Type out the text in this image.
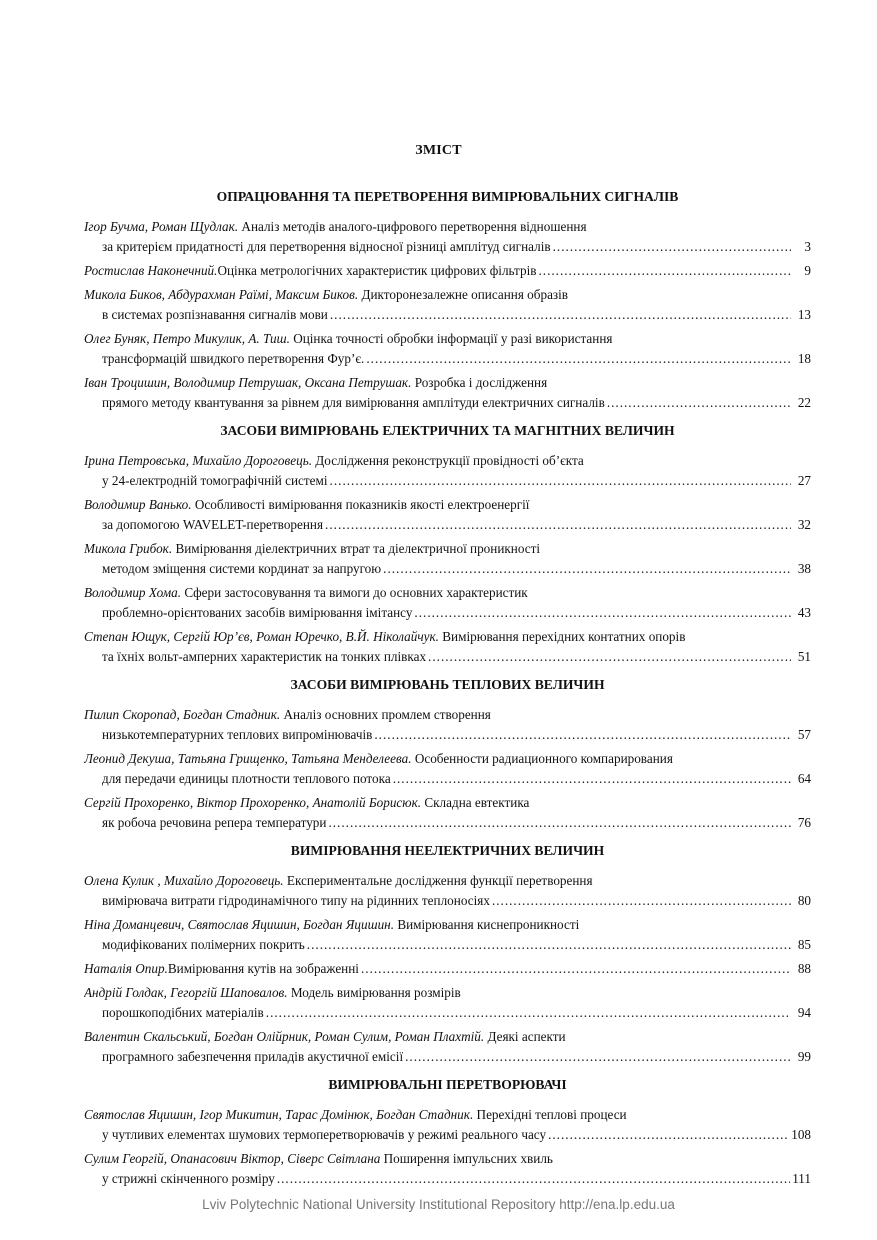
ЗМІСТ
ОПРАЦЮВАННЯ ТА ПЕРЕТВОРЕННЯ ВИМІРЮВАЛЬНИХ СИГНАЛІВ
Ігор Бучма, Роман Щудлак. Аналіз методів аналого-цифрового перетворення відношення
за критерієм придатності для перетворення відносної різниці амплітуд сигналів .....	3
Ростислав Наконечний. Оцінка метрологічних характеристик цифрових фільтрів .....	9
Микола Биков, Абдурахман Раїмі, Максим Биков. Дикторонезалежне описання образів
в системах розпізнавання сигналів мови .....	13
Олег Буняк, Петро Микулик, А. Тиш. Оцінка точності обробки інформації у разі використання
трансформацій швидкого перетворення Фур’є. .....	18
Іван Троцишин, Володимир Петрушак, Оксана Петрушак. Розробка і дослідження
прямого методу квантування за рівнем для вимірювання амплітуди електричних сигналів .....	22
ЗАСОБИ ВИМІРЮВАНЬ ЕЛЕКТРИЧНИХ ТА МАГНІТНИХ ВЕЛИЧИН
Ірина Петровська, Михайло Дороговець. Дослідження реконструкції провідності об’єкта
у 24-електродній томографічній системі .....	27
Володимир Ванько. Особливості вимірювання показників якості електроенергії
за допомогою WAVELET-перетворення .....	32
Микола Грибок. Вимірювання діелектричних втрат та діелектричної проникності
методом зміщення системи кординат за напругою .....	38
Володимир Хома. Сфери застосовування та вимоги до основних характеристик
проблемно-орієнтованих засобів вимірювання імітансу .....	43
Степан Ющук, Сергій Юр’єв, Роман Юречко, В.Й. Ніколайчук. Вимірювання перехідних контатних опорів
та їхніх вольт-амперних характеристик на тонких плівках .....	51
ЗАСОБИ ВИМІРЮВАНЬ ТЕПЛОВИХ ВЕЛИЧИН
Пилип Скоропад, Богдан Стадник. Аналіз основних промлем створення
низькотемпературних теплових випромінювачів .....	57
Леонид Декуша, Татьяна Грищенко, Татьяна Менделеева. Особенности радиационного компарирования
для передачи единицы плотности теплового потока .....	64
Сергій Прохоренко, Віктор Прохоренко, Анатолій Борисюк. Складна евтектика
як робоча речовина репера температури .....	76
ВИМІРЮВАННЯ НЕЕЛЕКТРИЧНИХ ВЕЛИЧИН
Олена Кулик , Михайло Дороговець. Експериментальне дослідження функції перетворення
вимірювача витрати гідродинамічного типу на рідинних теплоносіях .....	80
Ніна Доманцевич, Святослав Яцишин, Богдан Яцишин. Вимірювання киснепроникності
модифікованих полімерних покрить .....	85
Наталія Опир. Вимірювання кутів на зображенні .....	88
Андрій Голдак, Гегоргій Шаповалов. Модель вимірювання розмірів
порошкоподібних матеріалів .....	94
Валентин Скальський, Богдан Олійрник, Роман Сулим, Роман Плахтій. Деякі аспекти
програмного забезпечення приладів акустичної емісії .....	99
ВИМІРЮВАЛЬНІ ПЕРЕТВОРЮВАЧІ
Святослав Яцишин, Ігор Микитин, Тарас Домінюк, Богдан Стадник. Перехідні теплові процеси
у чутливих елементах шумових термоперетворювачів у режимі реального часу .....	108
Сулим Георгій, Опанасович Віктор, Сіверс Світлана Поширення імпульсних хвиль
у стрижні скінченного розміру .....	111
Lviv Polytechnic National University Institutional Repository http://ena.lp.edu.ua
